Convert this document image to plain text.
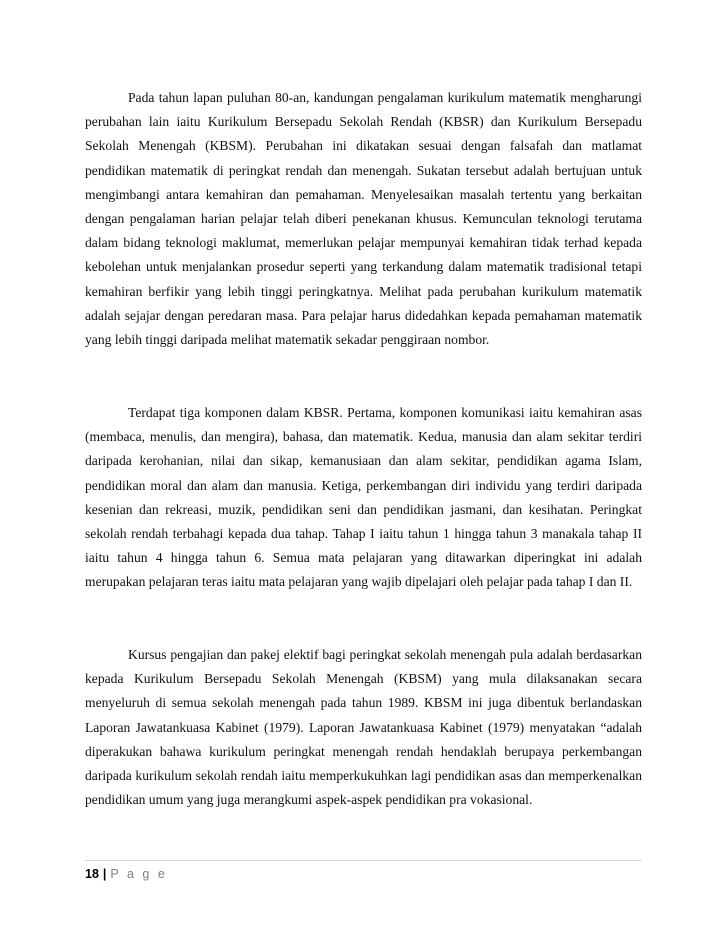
Pada tahun lapan puluhan 80-an, kandungan pengalaman kurikulum matematik mengharungi perubahan lain iaitu Kurikulum Bersepadu Sekolah Rendah (KBSR) dan Kurikulum Bersepadu Sekolah Menengah (KBSM). Perubahan ini dikatakan sesuai dengan falsafah dan matlamat pendidikan matematik di peringkat rendah dan menengah. Sukatan tersebut adalah bertujuan untuk mengimbangi antara kemahiran dan pemahaman. Menyelesaikan masalah tertentu yang berkaitan dengan pengalaman harian pelajar telah diberi penekanan khusus. Kemunculan teknologi terutama dalam bidang teknologi maklumat, memerlukan pelajar mempunyai kemahiran tidak terhad kepada kebolehan untuk menjalankan prosedur seperti yang terkandung dalam matematik tradisional tetapi kemahiran berfikir yang lebih tinggi peringkatnya. Melihat pada perubahan kurikulum matematik adalah sejajar dengan peredaran masa. Para pelajar harus didedahkan kepada pemahaman matematik yang lebih tinggi daripada melihat matematik sekadar penggiraan nombor.

Terdapat tiga komponen dalam KBSR. Pertama, komponen komunikasi iaitu kemahiran asas (membaca, menulis, dan mengira), bahasa, dan matematik. Kedua, manusia dan alam sekitar terdiri daripada kerohanian, nilai dan sikap, kemanusiaan dan alam sekitar, pendidikan agama Islam, pendidikan moral dan alam dan manusia. Ketiga, perkembangan diri individu yang terdiri daripada kesenian dan rekreasi, muzik, pendidikan seni dan pendidikan jasmani, dan kesihatan. Peringkat sekolah rendah terbahagi kepada dua tahap. Tahap I iaitu tahun 1 hingga tahun 3 manakala tahap II iaitu tahun 4 hingga tahun 6. Semua mata pelajaran yang ditawarkan diperingkat ini adalah merupakan pelajaran teras iaitu mata pelajaran yang wajib dipelajari oleh pelajar pada tahap I dan II.

Kursus pengajian dan pakej elektif bagi peringkat sekolah menengah pula adalah berdasarkan kepada Kurikulum Bersepadu Sekolah Menengah (KBSM) yang mula dilaksanakan secara menyeluruh di semua sekolah menengah pada tahun 1989. KBSM ini juga dibentuk berlandaskan Laporan Jawatankuasa Kabinet (1979). Laporan Jawatankuasa Kabinet (1979) menyatakan “adalah diperakukan bahawa kurikulum peringkat menengah rendah hendaklah berupaya perkembangan daripada kurikulum sekolah rendah iaitu memperkukuhkan lagi pendidikan asas dan memperkenalkan pendidikan umum yang juga merangkumi aspek-aspek pendidikan pra vokasional.

18 | P a g e
